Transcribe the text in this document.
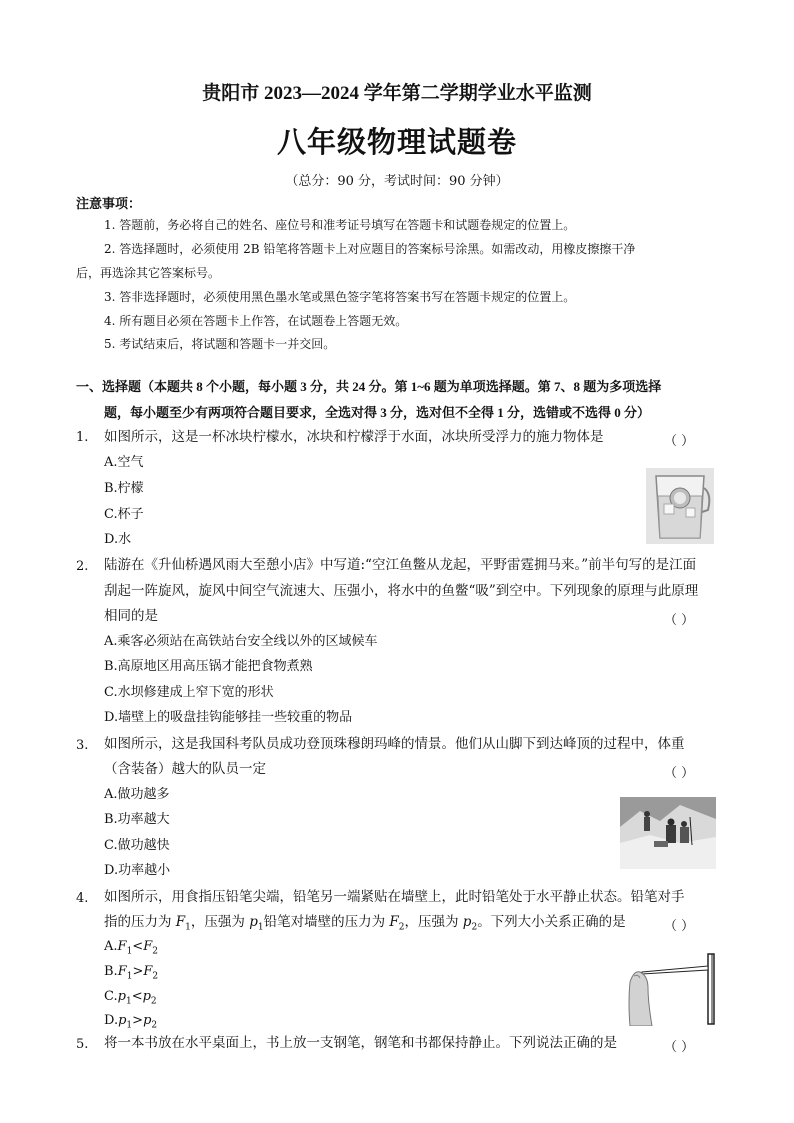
贵阳市 2023—2024 学年第二学期学业水平监测
八年级物理试题卷
（总分：90 分，考试时间：90 分钟）
注意事项：
1. 答题前，务必将自己的姓名、座位号和准考证号填写在答题卡和试题卷规定的位置上。
2. 答选择题时，必须使用 2B 铅笔将答题卡上对应题目的答案标号涂黑。如需改动，用橡皮擦擦干净
后，再选涂其它答案标号。
3. 答非选择题时，必须使用黑色墨水笔或黑色签字笔将答案书写在答题卡规定的位置上。
4. 所有题目必须在答题卡上作答，在试题卷上答题无效。
5. 考试结束后，将试题和答题卡一并交回。
一、选择题（本题共 8 个小题，每小题 3 分，共 24 分。第 1~6 题为单项选择题。第 7、8 题为多项选择
题，每小题至少有两项符合题目要求，全选对得 3 分，选对但不全得 1 分，选错或不选得 0 分）
1. 如图所示，这是一杯冰块柠檬水，冰块和柠檬浮于水面，冰块所受浮力的施力物体是	（ ）
A.空气
B.柠檬
C.杯子
D.水
2. 陆游在《升仙桥遇风雨大至憩小店》中写道:“空江鱼鳖从龙起，平野雷霆拥马来。”前半句写的是江面
刮起一阵旋风，旋风中间空气流速大、压强小，将水中的鱼鳖“吸”到空中。下列现象的原理与此原理
相同的是	（ ）
A.乘客必须站在高铁站台安全线以外的区域候车
B.高原地区用高压锅才能把食物煮熟
C.水坝修建成上窄下宽的形状
D.墙壁上的吸盘挂钩能够挂一些较重的物品
3. 如图所示，这是我国科考队员成功登顶珠穆朗玛峰的情景。他们从山脚下到达峰顶的过程中，体重
（含装备）越大的队员一定	（ ）
A.做功越多
B.功率越大
C.做功越快
D.功率越小
4. 如图所示，用食指压铅笔尖端，铅笔另一端紧贴在墙壁上，此时铅笔处于水平静止状态。铅笔对手
指的压力为 $F_1$，压强为 $p_1$铅笔对墙壁的压力为 $F_2$，压强为 $p_2$。下列大小关系正确的是	（ ）
$A.F_1<F_2$
$B.F_1>F_2$
$C.p_1<p_2$
$D.p_1>p_2$
5. 将一本书放在水平桌面上，书上放一支钢笔，钢笔和书都保持静止。下列说法正确的是	（ ）
